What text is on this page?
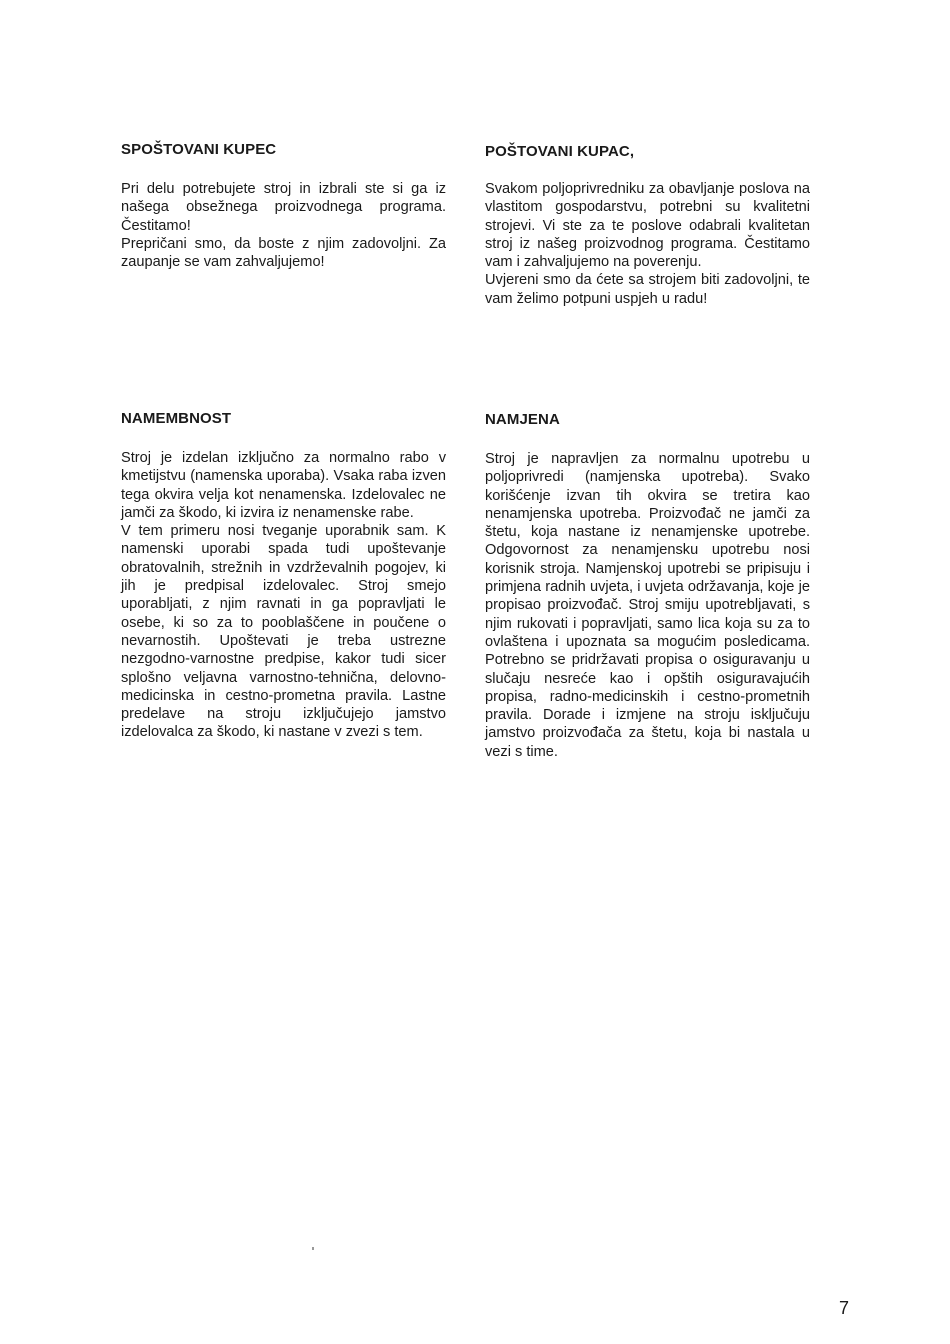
SPOŠTOVANI KUPEC

Pri delu potrebujete stroj in izbrali ste si ga iz našega obsežnega proizvodnega programa. Čestitamo!

Prepričani smo, da boste z njim zadovoljni. Za zaupanje se vam zahvaljujemo!

NAMEMBNOST

Stroj je izdelan izključno za normalno rabo v kmetijstvu (namenska uporaba). Vsaka raba izven tega okvira velja kot nenamenska. Izdelovalec ne jamči za škodo, ki izvira iz nenamenske rabe.

V tem primeru nosi tveganje uporabnik sam. K namenski uporabi spada tudi upoštevanje obratovalnih, strežnih in vzdrževalnih pogojev, ki jih je predpisal izdelovalec. Stroj smejo uporabljati, z njim ravnati in ga popravljati le osebe, ki so za to pooblaščene in poučene o nevarnostih. Upoštevati je treba ustrezne nezgodno-varnostne predpise, kakor tudi sicer splošno veljavna varnostno-tehnična, delovno-medicinska in cestno-prometna pravila. Lastne predelave na stroju izključujejo jamstvo izdelovalca za škodo, ki nastane v zvezi s tem.

POŠTOVANI KUPAC,

Svakom poljoprivredniku za obavljanje poslova na vlastitom gospodarstvu, potrebni su kvalitetni strojevi. Vi ste za te poslove odabrali kvalitetan stroj iz našeg proizvodnog programa. Čestitamo vam i zahvaljujemo na poverenju.

Uvjereni smo da ćete sa strojem biti zadovoljni, te vam želimo potpuni uspjeh u radu!

NAMJENA

Stroj je napravljen za normalnu upotrebu u poljoprivredi (namjenska upotreba). Svako korišćenje izvan tih okvira se tretira kao nenamjenska upotreba. Proizvođač ne jamči za štetu, koja nastane iz nenamjenske upotrebe. Odgovornost za nenamjensku upotrebu nosi korisnik stroja. Namjenskoj upotrebi se pripisuju i primjena radnih uvjeta, i uvjeta održavanja, koje je propisao proizvođač. Stroj smiju upotrebljavati, s njim rukovati i popravljati, samo lica koja su za to ovlaštena i upoznata sa mogućim posledicama. Potrebno se pridržavati propisa o osiguravanju u slučaju nesreće kao i opštih osiguravajućih propisa, radno-medicinskih i cestno-prometnih pravila. Dorade i izmjene na stroju isključuju jamstvo proizvođača za štetu, koja bi nastala u vezi s time.

7
